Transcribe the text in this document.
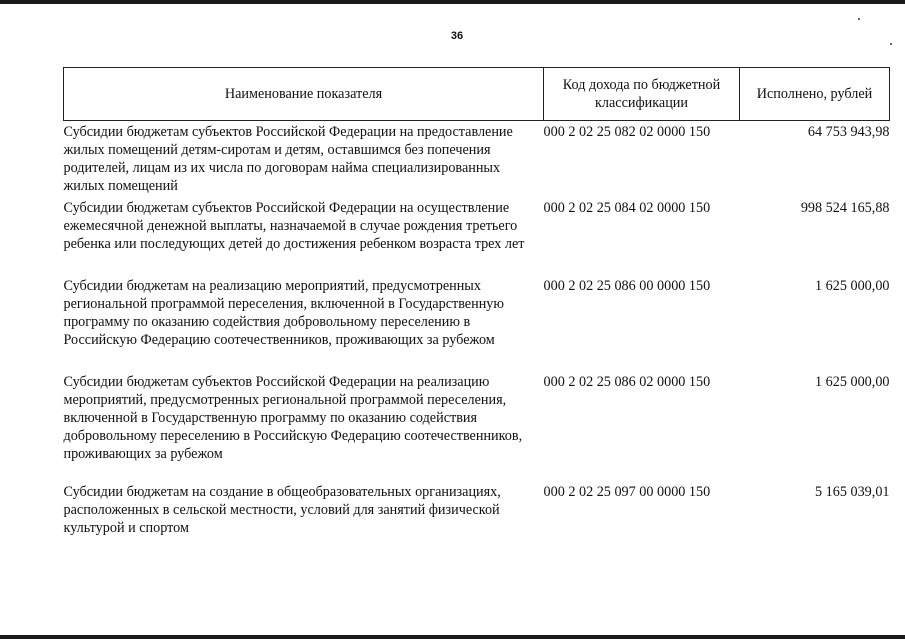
36
Наименование показателя	Код дохода по бюджетной классификации	Исполнено, рублей
Субсидии бюджетам субъектов Российской Федерации на предоставление жилых помещений детям-сиротам и детям, оставшимся без попечения родителей, лицам из их числа по договорам найма специализированных жилых помещений	000 2 02 25 082 02 0000 150	64 753 943,98
Субсидии бюджетам субъектов Российской Федерации на осуществление ежемесячной денежной выплаты, назначаемой в случае рождения третьего ребенка или последующих детей до достижения ребенком возраста трех лет	000 2 02 25 084 02 0000 150	998 524 165,88
Субсидии бюджетам на реализацию мероприятий, предусмотренных региональной программой переселения, включенной в Государственную программу по оказанию содействия добровольному переселению в Российскую Федерацию соотечественников, проживающих за рубежом	000 2 02 25 086 00 0000 150	1 625 000,00
Субсидии бюджетам субъектов Российской Федерации на реализацию мероприятий, предусмотренных региональной программой переселения, включенной в Государственную программу по оказанию содействия добровольному переселению в Российскую Федерацию соотечественников, проживающих за рубежом	000 2 02 25 086 02 0000 150	1 625 000,00
Субсидии бюджетам на создание в общеобразовательных организациях, расположенных в сельской местности, условий для занятий физической культурой и спортом	000 2 02 25 097 00 0000 150	5 165 039,01
